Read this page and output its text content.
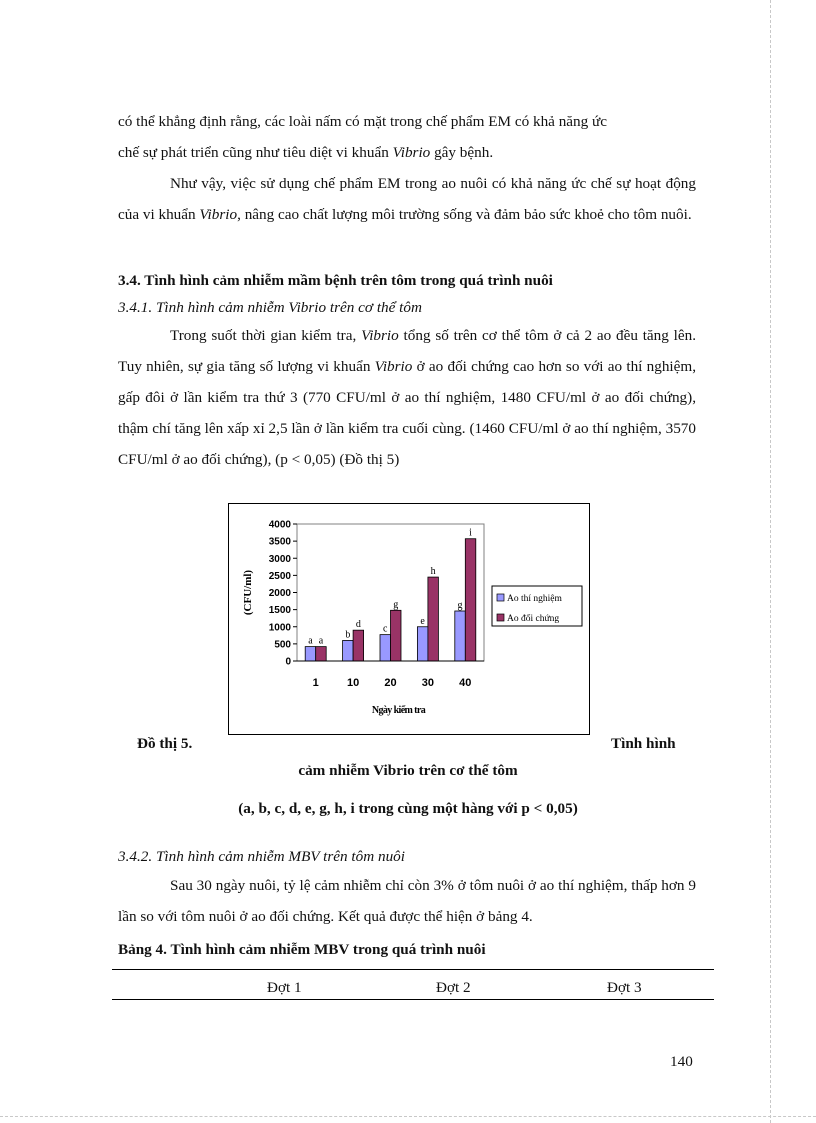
có thể khẳng định rằng, các loài nấm có mặt trong chế phẩm EM có khả năng ức

chế sự phát triển cũng như tiêu diệt vi khuẩn Vibrio gây bệnh.

Như vậy, việc sử dụng chế phẩm EM trong ao nuôi có khả năng ức chế sự hoạt động của vi khuẩn Vibrio, nâng cao chất lượng môi trường sống và đảm bảo sức khoẻ cho tôm nuôi.

3.4. Tình hình cảm nhiễm mầm bệnh trên tôm trong quá trình nuôi
3.4.1. Tình hình cảm nhiễm Vibrio trên cơ thể tôm

Trong suốt thời gian kiểm tra, Vibrio tổng số trên cơ thể tôm ở cả 2 ao đều tăng lên. Tuy nhiên, sự gia tăng số lượng vi khuẩn Vibrio ở ao đối chứng cao hơn so với ao thí nghiệm, gấp đôi ở lần kiểm tra thứ 3 (770 CFU/ml ở ao thí nghiệm, 1480 CFU/ml ở ao đối chứng), thậm chí tăng lên xấp xỉ 2,5 lần ở lần kiểm tra cuối cùng. (1460 CFU/ml ở ao thí nghiệm, 3570 CFU/ml ở ao đối chứng), (p < 0,05) (Đồ thị 5)

4000
3500
3000
2500
2000
1500
1000
500
0
(CFU/ml)
a a
1
b
d
10
c
g
20
e
h
30
g
i
40
Ngày kiểm tra
Ao thí nghiệm
Ao đối chứng
Đồ thị 5.	Tình hình
cảm nhiễm Vibrio trên cơ thể tôm
(a, b, c, d, e, g, h, i trong cùng một hàng với p < 0,05)
3.4.2. Tình hình cảm nhiễm MBV trên tôm nuôi

Sau 30 ngày nuôi, tỷ lệ cảm nhiễm chỉ còn 3% ở tôm nuôi ở ao thí nghiệm, thấp hơn 9 lần so với tôm nuôi ở ao đối chứng. Kết quả được thể hiện ở bảng 4.

Bảng 4. Tình hình cảm nhiễm MBV trong quá trình nuôi
Đợt 1	Đợt 2	Đợt 3
140
